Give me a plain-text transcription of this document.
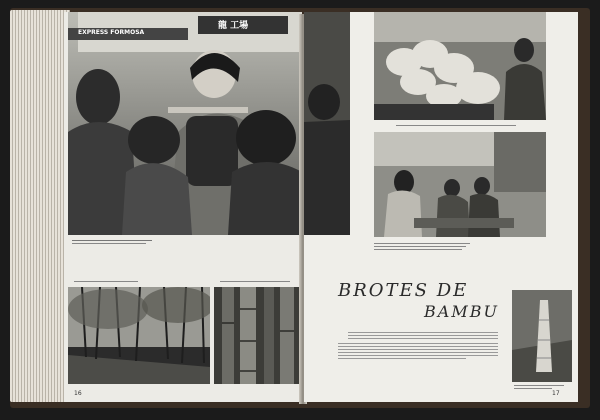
龍 工場
EXPRESS FORMOSA
16
BROTES DE
BAMBU
17
